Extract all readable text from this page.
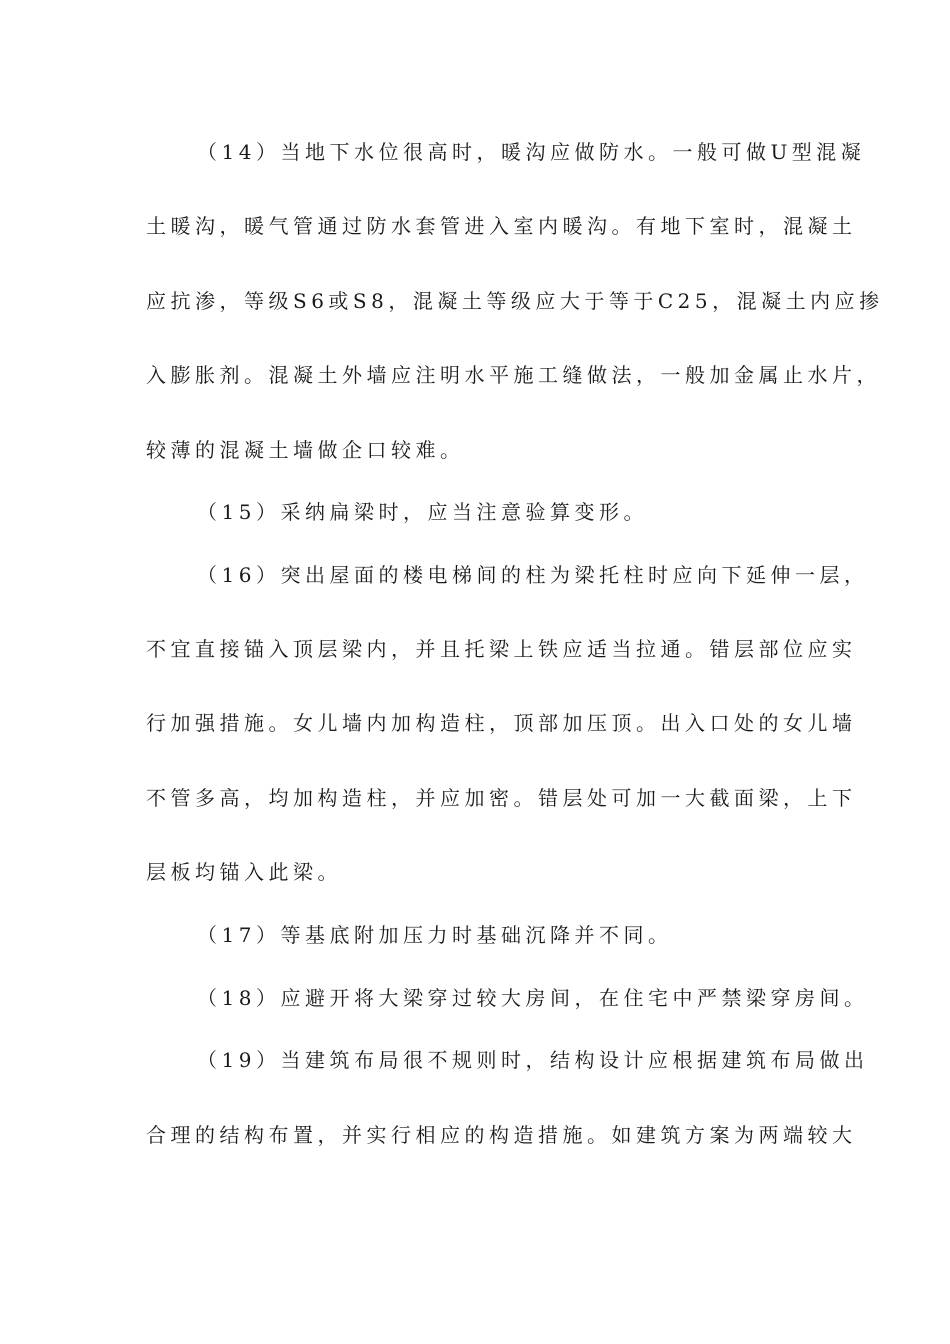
（14）当地下水位很高时，暖沟应做防水。一般可做U型混凝
土暖沟，暖气管通过防水套管进入室内暖沟。有地下室时，混凝土
应抗渗，等级S6或S8，混凝土等级应大于等于C25，混凝土内应掺
入膨胀剂。混凝土外墙应注明水平施工缝做法，一般加金属止水片，
较薄的混凝土墙做企口较难。
（15）采纳扁梁时，应当注意验算变形。
（16）突出屋面的楼电梯间的柱为梁托柱时应向下延伸一层，
不宜直接锚入顶层梁内，并且托梁上铁应适当拉通。错层部位应实
行加强措施。女儿墙内加构造柱，顶部加压顶。出入口处的女儿墙
不管多高，均加构造柱，并应加密。错层处可加一大截面梁，上下
层板均锚入此梁。
（17）等基底附加压力时基础沉降并不同。
（18）应避开将大梁穿过较大房间，在住宅中严禁梁穿房间。
（19）当建筑布局很不规则时，结构设计应根据建筑布局做出
合理的结构布置，并实行相应的构造措施。如建筑方案为两端较大
